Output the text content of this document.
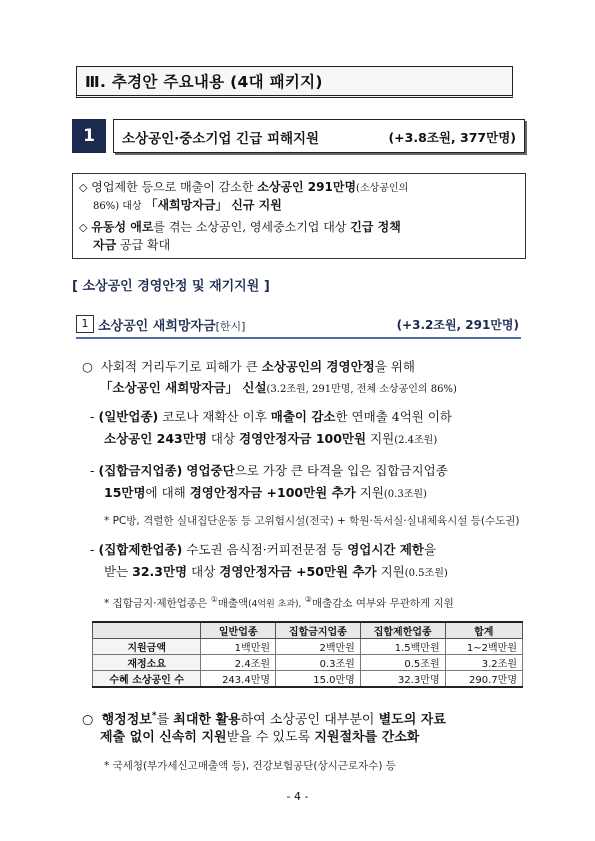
Ⅲ. 추경안 주요내용 (4대 패키지)
1	소상공인·중소기업 긴급 피해지원	(+3.8조원, 377만명)
◇ 영업제한 등으로 매출이 감소한 소상공인 291만명(소상공인의
86%) 대상 「새희망자금」 신규 지원
◇ 유동성 애로를 겪는 소상공인, 영세중소기업 대상 긴급 정책
자금 공급 확대
[ 소상공인 경영안정 및 재기지원 ]
1 소상공인 새희망자금[한시]	(+3.2조원, 291만명)
○ 사회적 거리두기로 피해가 큰 소상공인의 경영안정을 위해
「소상공인 새희망자금」 신설(3.2조원, 291만명, 전체 소상공인의 86%)
- (일반업종) 코로나 재확산 이후 매출이 감소한 연매출 4억원 이하
소상공인 243만명 대상 경영안정자금 100만원 지원(2.4조원)
- (집합금지업종) 영업중단으로 가장 큰 타격을 입은 집합금지업종
15만명에 대해 경영안정자금 +100만원 추가 지원(0.3조원)
* PC방, 격렬한 실내집단운동 등 고위험시설(전국) + 학원·독서실·실내체육시설 등(수도권)
- (집합제한업종) 수도권 음식점·커피전문점 등 영업시간 제한을
받는 32.3만명 대상 경영안정자금 +50만원 추가 지원(0.5조원)
* 집합금지·제한업종은 ①매출액(4억원 초과), ②매출감소 여부와 무관하게 지원
	일반업종	집합금지업종	집합제한업종	합계
지원금액	1백만원	2백만원	1.5백만원	1~2백만원
재정소요	2.4조원	0.3조원	0.5조원	3.2조원
수혜 소상공인 수	243.4만명	15.0만명	32.3만명	290.7만명
○ 행정정보*를 최대한 활용하여 소상공인 대부분이 별도의 자료
제출 없이 신속히 지원받을 수 있도록 지원절차를 간소화
* 국세청(부가세신고매출액 등), 건강보험공단(상시근로자수) 등
- 4 -
